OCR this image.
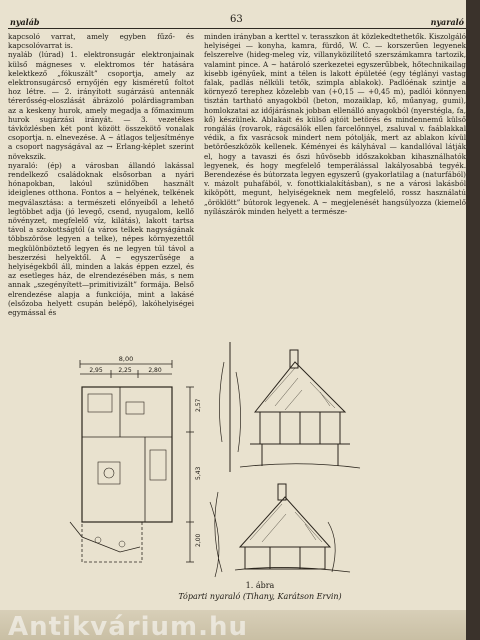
nyaláb	63	nyaraló

kapcsoló varrat, amely egyben fűző- és kapcsolóvarrat is.

nyaláb (lúrad) 1. elektronsugár elektronjainak külső mágneses v. elektromos tér hatására kelektkező „fókuszált” csoportja, amely az elektronsugárcső ernyőjén egy kisméretű foltot hoz létre. — 2. irányított sugárzású antennák térerősség-eloszlását ábrázoló polárdiagramban az a keskeny hurok, amely megadja a főmaximum hurok sugárzási irányát. — 3. vezetékes távközlésben két pont között összekötő vonalak csoportja. n. elnevezése. A ~ átlagos teljesítménye a csoport nagyságával az → Erlang-képlet szerint növekszik.

nyaraló: (ép) a városban állandó lakással rendelkező családoknak elsősorban a nyári hónapokban, lakóul szünidőben használt ideiglenes otthona. Fontos a ~ helyének, telkének megválasztása: a természeti előnyeiből a lehető legtöbbet adja (jó levegő, csend, nyugalom, kellő növényzet, megfelelő víz, kilátás), lakott tartsa távol a szokottságtól (a város telkek nagyságának többszöröse legyen a telke), népes környezettől megkülönböztető legyen és ne legyen túl távol a beszerzési helyektől. A ~ egyszerűsége a helyiségekből áll, minden a lakás éppen ezzel, és az esetleges ház, de elrendezésében más, s nem annak „szegényített—primitivizált” formája. Belső elrendezése alapja a funkciója, mint a lakásé (elsőzoba helyett csupán belépő), lakóhelyiségei egymással és

minden irányban a kerttel v. terasszkon át közlekedtethetők. Kiszolgáló helyiségei — konyha, kamra, fürdő, W. C. — korszerűen legyenek felszerelve (hideg-meleg víz, villanyközilítető szerszámkamra tartozik, valamint pince. A ~ határoló szerkezetei egyszerűbbek, hőtechnikailag kisebb igényűek, mint a télen is lakott épületéé (egy téglányi vastag falak, padlás nélküli tetők, szimpla ablakok). Padlóénak szintje a környező terephez közelebb van (+0,15 — +0,45 m), padlói könnyen tisztán tartható anyagokból (beton, mozaiklap, kő, műanyag, gumi), homlokzatai az időjárásnak jobban ellenálló anyagokból (nyerstégla, fa, kő) készülnek. Ablakait és külső ajtóit betörés és mindennemű külső rongálás (rovarok, rágcsálók ellen farcelőnnyel, zsaluval v. faáblakkal védik, a fix vasrácsok mindert nem pótolják, mert az ablakon kívül betörőeszközök kellenek. Kéményei és kályhával — kandallóval látják el, hogy a tavaszi és őszi hűvösebb időszakokban kihasználhatók legyenek, és hogy megfelelő temperálással lakályosabbá tegyék. Berendezése és bútorzata legyen egyszerű (gyakorlatilag a (naturfából) v. mázolt puhafából, v. fonottkialakításban), s ne a városi lakásból kiköpött, megunt, helyiségeknek nem megfelelő, rossz használatú „öröklött” bútorok legyenek. A ~ megjelenését hangsúlyozza (kiemelő nyílászárók minden helyett a természe-

8,00
2,95	2,25	2,80
2,57
5,43
2,00
1. ábra
Tóparti nyaraló (Tihany, Karátson Ervin)
Antikvárium.hu
